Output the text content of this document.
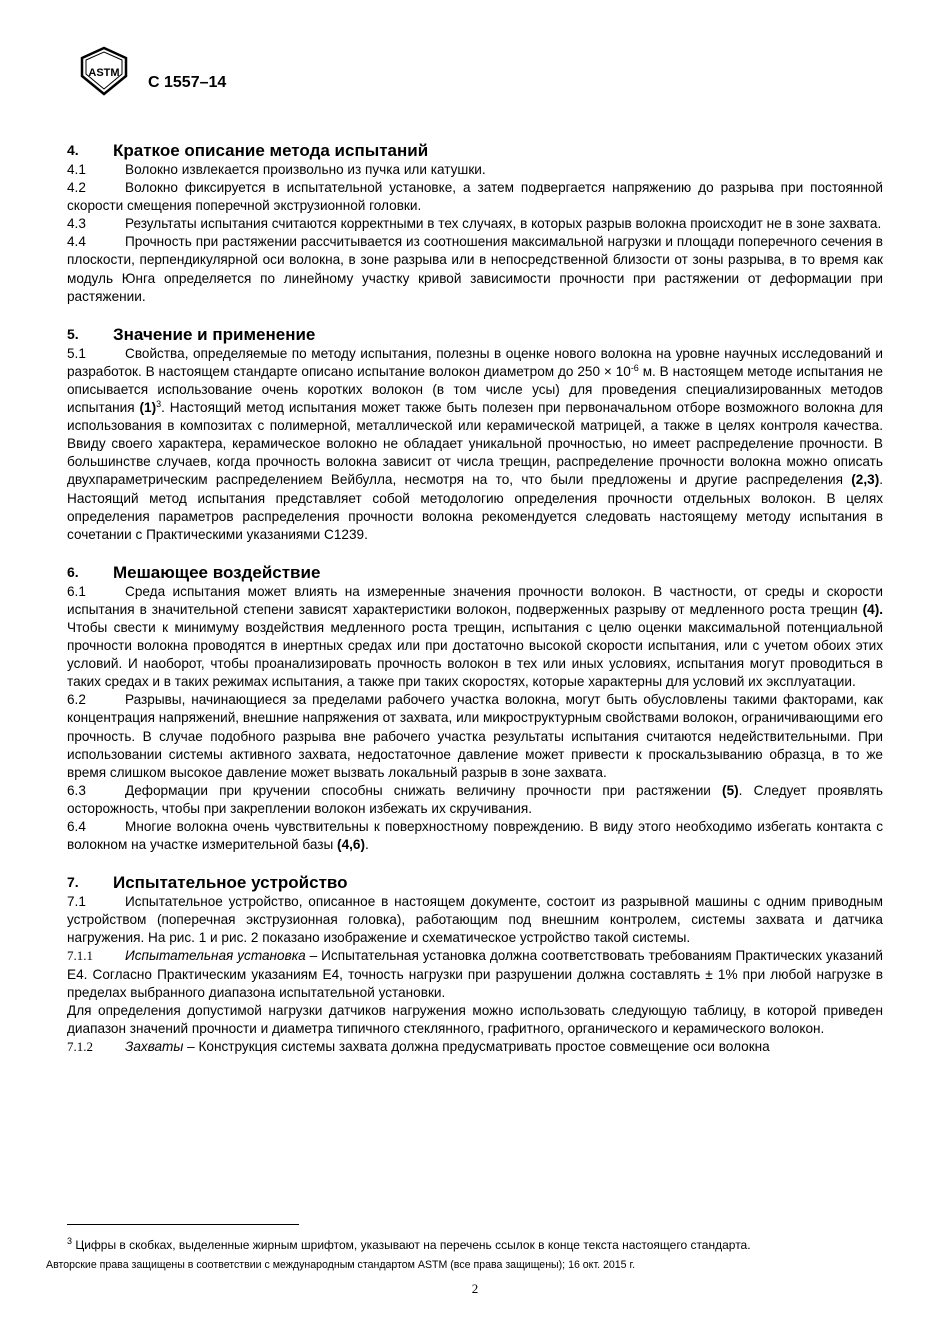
ASTM
C 1557–14
4.	Краткое описание метода испытаний
4.1	Волокно извлекается произвольно из пучка или катушки.
4.2	Волокно фиксируется в испытательной установке, а затем подвергается напряжению до разрыва при постоянной скорости смещения поперечной экструзионной головки.
4.3	Результаты испытания считаются корректными в тех случаях, в которых разрыв волокна происходит не в зоне захвата.
4.4	Прочность при растяжении рассчитывается из соотношения максимальной нагрузки и площади поперечного сечения в плоскости, перпендикулярной оси волокна, в зоне разрыва или в непосредственной близости от зоны разрыва, в то время как модуль Юнга определяется по линейному участку кривой зависимости прочности при растяжении от деформации при растяжении.
5.	Значение и применение
5.1	Свойства, определяемые по методу испытания, полезны в оценке нового волокна на уровне научных исследований и разработок. В настоящем стандарте описано испытание волокон диаметром до $250 \times 10^{-6}$ м. В настоящем методе испытания не описывается использование очень коротких волокон (в том числе усы) для проведения специализированных методов испытания $(1)^3$. Настоящий метод испытания может также быть полезен при первоначальном отборе возможного волокна для использования в композитах с полимерной, металлической или керамической матрицей, а также в целях контроля качества. Ввиду своего характера, керамическое волокно не обладает уникальной прочностью, но имеет распределение прочности. В большинстве случаев, когда прочность волокна зависит от числа трещин, распределение прочности волокна можно описать двухпараметрическим распределением Вейбулла, несмотря на то, что были предложены и другие распределения (2,3). Настоящий метод испытания представляет собой методологию определения прочности отдельных волокон. В целях определения параметров распределения прочности волокна рекомендуется следовать настоящему методу испытания в сочетании с Практическими указаниями C1239.
6.	Мешающее воздействие
6.1	Среда испытания может влиять на измеренные значения прочности волокон. В частности, от среды и скорости испытания в значительной степени зависят характеристики волокон, подверженных разрыву от медленного роста трещин (4). Чтобы свести к минимуму воздействия медленного роста трещин, испытания с целю оценки максимальной потенциальной прочности волокна проводятся в инертных средах или при достаточно высокой скорости испытания, или с учетом обоих этих условий. И наоборот, чтобы проанализировать прочность волокон в тех или иных условиях, испытания могут проводиться в таких средах и в таких режимах испытания, а также при таких скоростях, которые характерны для условий их эксплуатации.
6.2	Разрывы, начинающиеся за пределами рабочего участка волокна, могут быть обусловлены такими факторами, как концентрация напряжений, внешние напряжения от захвата, или микроструктурным свойствами волокон, ограничивающими его прочность. В случае подобного разрыва вне рабочего участка результаты испытания считаются недействительными. При использовании системы активного захвата, недостаточное давление может привести к проскальзыванию образца, в то же время слишком высокое давление может вызвать локальный разрыв в зоне захвата.
6.3	Деформации при кручении способны снижать величину прочности при растяжении (5). Следует проявлять осторожность, чтобы при закреплении волокон избежать их скручивания.
6.4	Многие волокна очень чувствительны к поверхностному повреждению. В виду этого необходимо избегать контакта с волокном на участке измерительной базы (4,6).
7.	Испытательное устройство
7.1	Испытательное устройство, описанное в настоящем документе, состоит из разрывной машины с одним приводным устройством (поперечная экструзионная головка), работающим под внешним контролем, системы захвата и датчика нагружения. На рис. 1 и рис. 2 показано изображение и схематическое устройство такой системы.
7.1.1 Испытательная установка – Испытательная установка должна соответствовать требованиям Практических указаний E4. Согласно Практическим указаниям E4, точность нагрузки при разрушении должна составлять ± 1% при любой нагрузке в пределах выбранного диапазона испытательной установки.
Для определения допустимой нагрузки датчиков нагружения можно использовать следующую таблицу, в которой приведен диапазон значений прочности и диаметра типичного стеклянного, графитного, органического и керамического волокон.
7.1.2 Захваты – Конструкция системы захвата должна предусматривать простое совмещение оси волокна
$^3$ Цифры в скобках, выделенные жирным шрифтом, указывают на перечень ссылок в конце текста настоящего стандарта.
Авторские права защищены в соответствии с международным стандартом ASTM (все права защищены); 16 окт. 2015 г.
2
